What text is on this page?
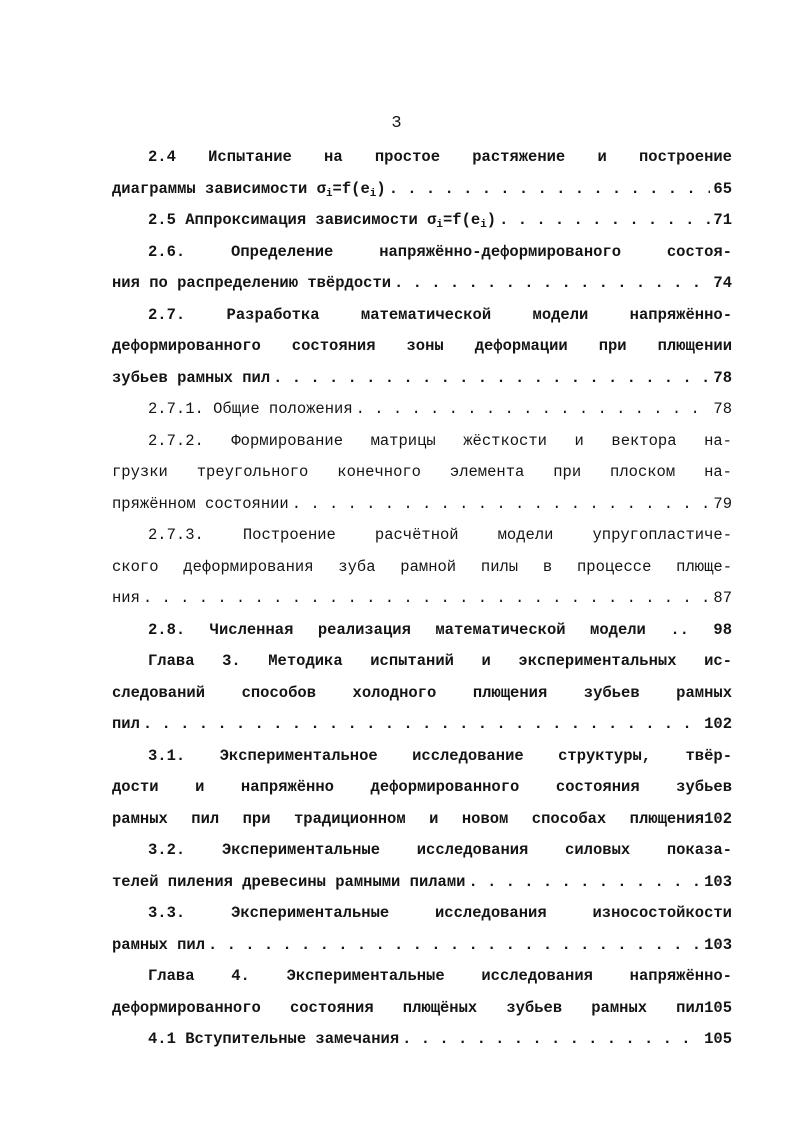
3
2.4 Испытание на простое растяжение и построение
диаграммы зависимости $\sigma_i=f(e_i)$ . . .	65
2.5 Аппроксимация зависимости $\sigma_i=f(e_i)$ . . .	71
2.6. Определение напряжённо-деформированого состоя-
ния по распределению твёрдости . . .	74
2.7. Разработка математической модели напряжённо-
деформированного состояния зоны деформации при плющении
зубьев рамных пил . . .	78
2.7.1. Общие положения . . .	78
2.7.2. Формирование матрицы жёсткости и вектора на-
грузки треугольного конечного элемента при плоском на-
пряжённом состоянии . . .	79
2.7.3. Построение расчётной модели упругопластиче-
ского деформирования зуба рамной пилы в процессе плюще-
ния . . .	87
2.8. Численная реализация математической модели .. 98
Глава 3. Методика испытаний и экспериментальных ис-
следований способов холодного плющения зубьев рамных
пил . . .	102
3.1. Экспериментальное исследование структуры, твёр-
дости и напряжённо деформированного состояния зубьев
рамных пил при традиционном и новом способах плющения102
3.2. Экспериментальные исследования силовых показа-
телей пиления древесины рамными пилами . . .	103
3.3. Экспериментальные исследования износостойкости
рамных пил . . .	103
Глава 4. Экспериментальные исследования напряжённо-
деформированного состояния плющёных зубьев рамных пил105
4.1 Вступительные замечания . . .	105
